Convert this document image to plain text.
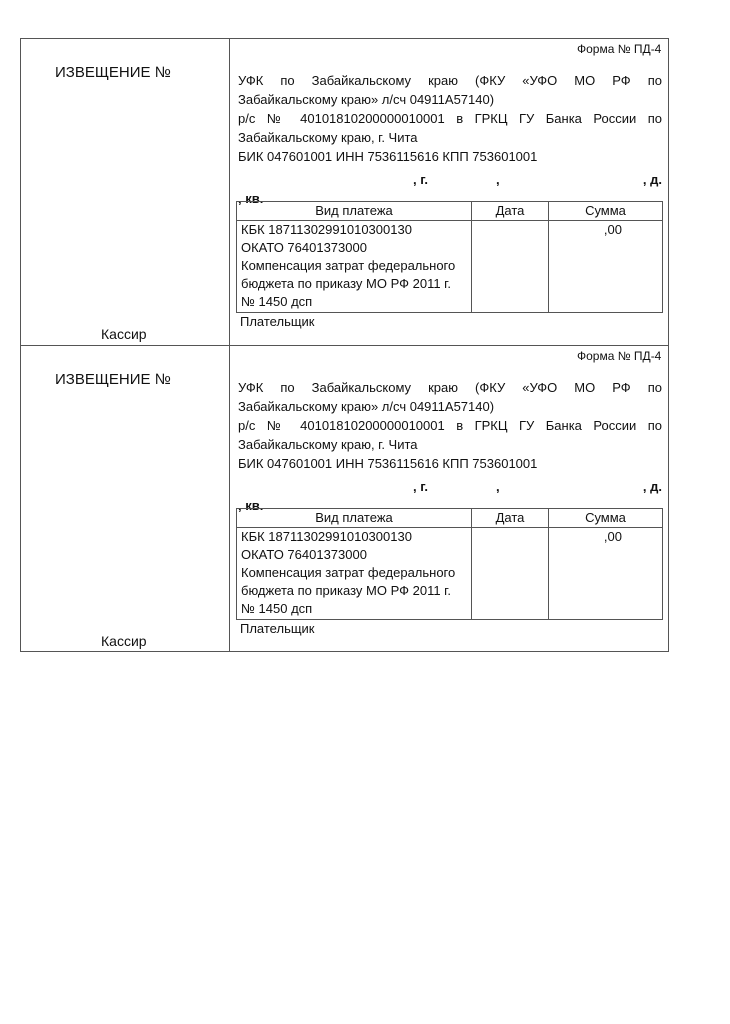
ИЗВЕЩЕНИЕ №
Кассир
Форма № ПД-4
УФК по Забайкальскому краю (ФКУ «УФО МО РФ по
Забайкальскому краю» л/сч 04911А57140)
р/с № 40101810200000010001 в ГРКЦ ГУ Банка России по
Забайкальскому краю, г. Чита
БИК 047601001 ИНН 7536115616 КПП 753601001
, г.	,	, д.
, кв.
Вид платежа	Дата	Сумма

КБК 18711302991010300130
ОКАТО 76401373000
Компенсация затрат федерального
бюджета по приказу МО РФ 2011 г.
№ 1450 дсп		,00
Плательщик
ИЗВЕЩЕНИЕ №
Кассир
Форма № ПД-4
УФК по Забайкальскому краю (ФКУ «УФО МО РФ по
Забайкальскому краю» л/сч 04911А57140)
р/с № 40101810200000010001 в ГРКЦ ГУ Банка России по
Забайкальскому краю, г. Чита
БИК 047601001 ИНН 7536115616 КПП 753601001
, г.	,	, д.
, кв.
Вид платежа	Дата	Сумма

КБК 18711302991010300130
ОКАТО 76401373000
Компенсация затрат федерального
бюджета по приказу МО РФ 2011 г.
№ 1450 дсп		,00
Плательщик
